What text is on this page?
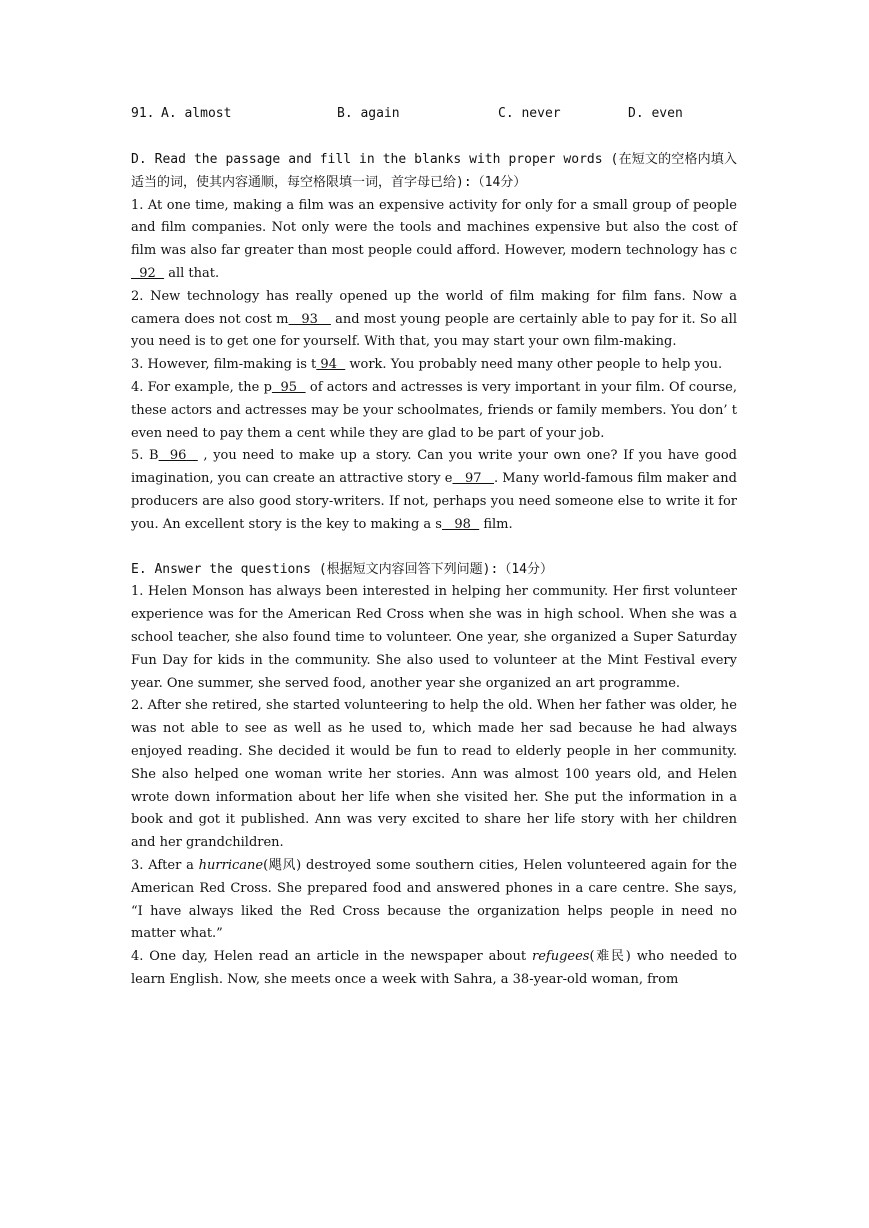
91. A. almost	B. again	C. never	D. even

D. Read the passage and fill in the blanks with proper words (在短文的空格内填入适当的词，使其内容通顺，每空格限填一词，首字母已给):（14分）

1. At one time, making a film was an expensive activity for only for a small group of people and film companies. Not only were the tools and machines expensive but also the cost of film was also far greater than most people could afford. However, modern technology has c  92   all that.

2. New technology has really opened up the world of film making for film fans. Now a camera does not cost m   93    and most young people are certainly able to pay for it. So all you need is to get one for yourself. With that, you may start your own film-making.

3. However, film-making is t 94   work. You probably need many other people to help you.

4. For example, the p  95   of actors and actresses is very important in your film. Of course, these actors and actresses may be your schoolmates, friends or family members. You don’ t even need to pay them a cent while they are glad to be part of your job.

5. B  96   , you need to make up a story. Can you write your own one? If you have good imagination, you can create an attractive story e   97   . Many world-famous film maker and producers are also good story-writers. If not, perhaps you need someone else to write it for you. An excellent story is the key to making a s   98   film.

E. Answer the questions (根据短文内容回答下列问题):（14分）

1. Helen Monson has always been interested in helping her community. Her first volunteer experience was for the American Red Cross when she was in high school. When she was a school teacher, she also found time to volunteer. One year, she organized a Super Saturday Fun Day for kids in the community. She also used to volunteer at the Mint Festival every year. One summer, she served food, another year she organized an art programme.

2. After she retired, she started volunteering to help the old. When her father was older, he was not able to see as well as he used to, which made her sad because he had always enjoyed reading. She decided it would be fun to read to elderly people in her community. She also helped one woman write her stories. Ann was almost 100 years old, and Helen wrote down information about her life when she visited her. She put the information in a book and got it published. Ann was very excited to share her life story with her children and her grandchildren.

3. After a hurricane(飓风) destroyed some southern cities, Helen volunteered again for the American Red Cross. She prepared food and answered phones in a care centre. She says, “I have always liked the Red Cross because the organization helps people in need no matter what.”

4. One day, Helen read an article in the newspaper about refugees(难民) who needed to learn English. Now, she meets once a week with Sahra, a 38-year-old woman, from
